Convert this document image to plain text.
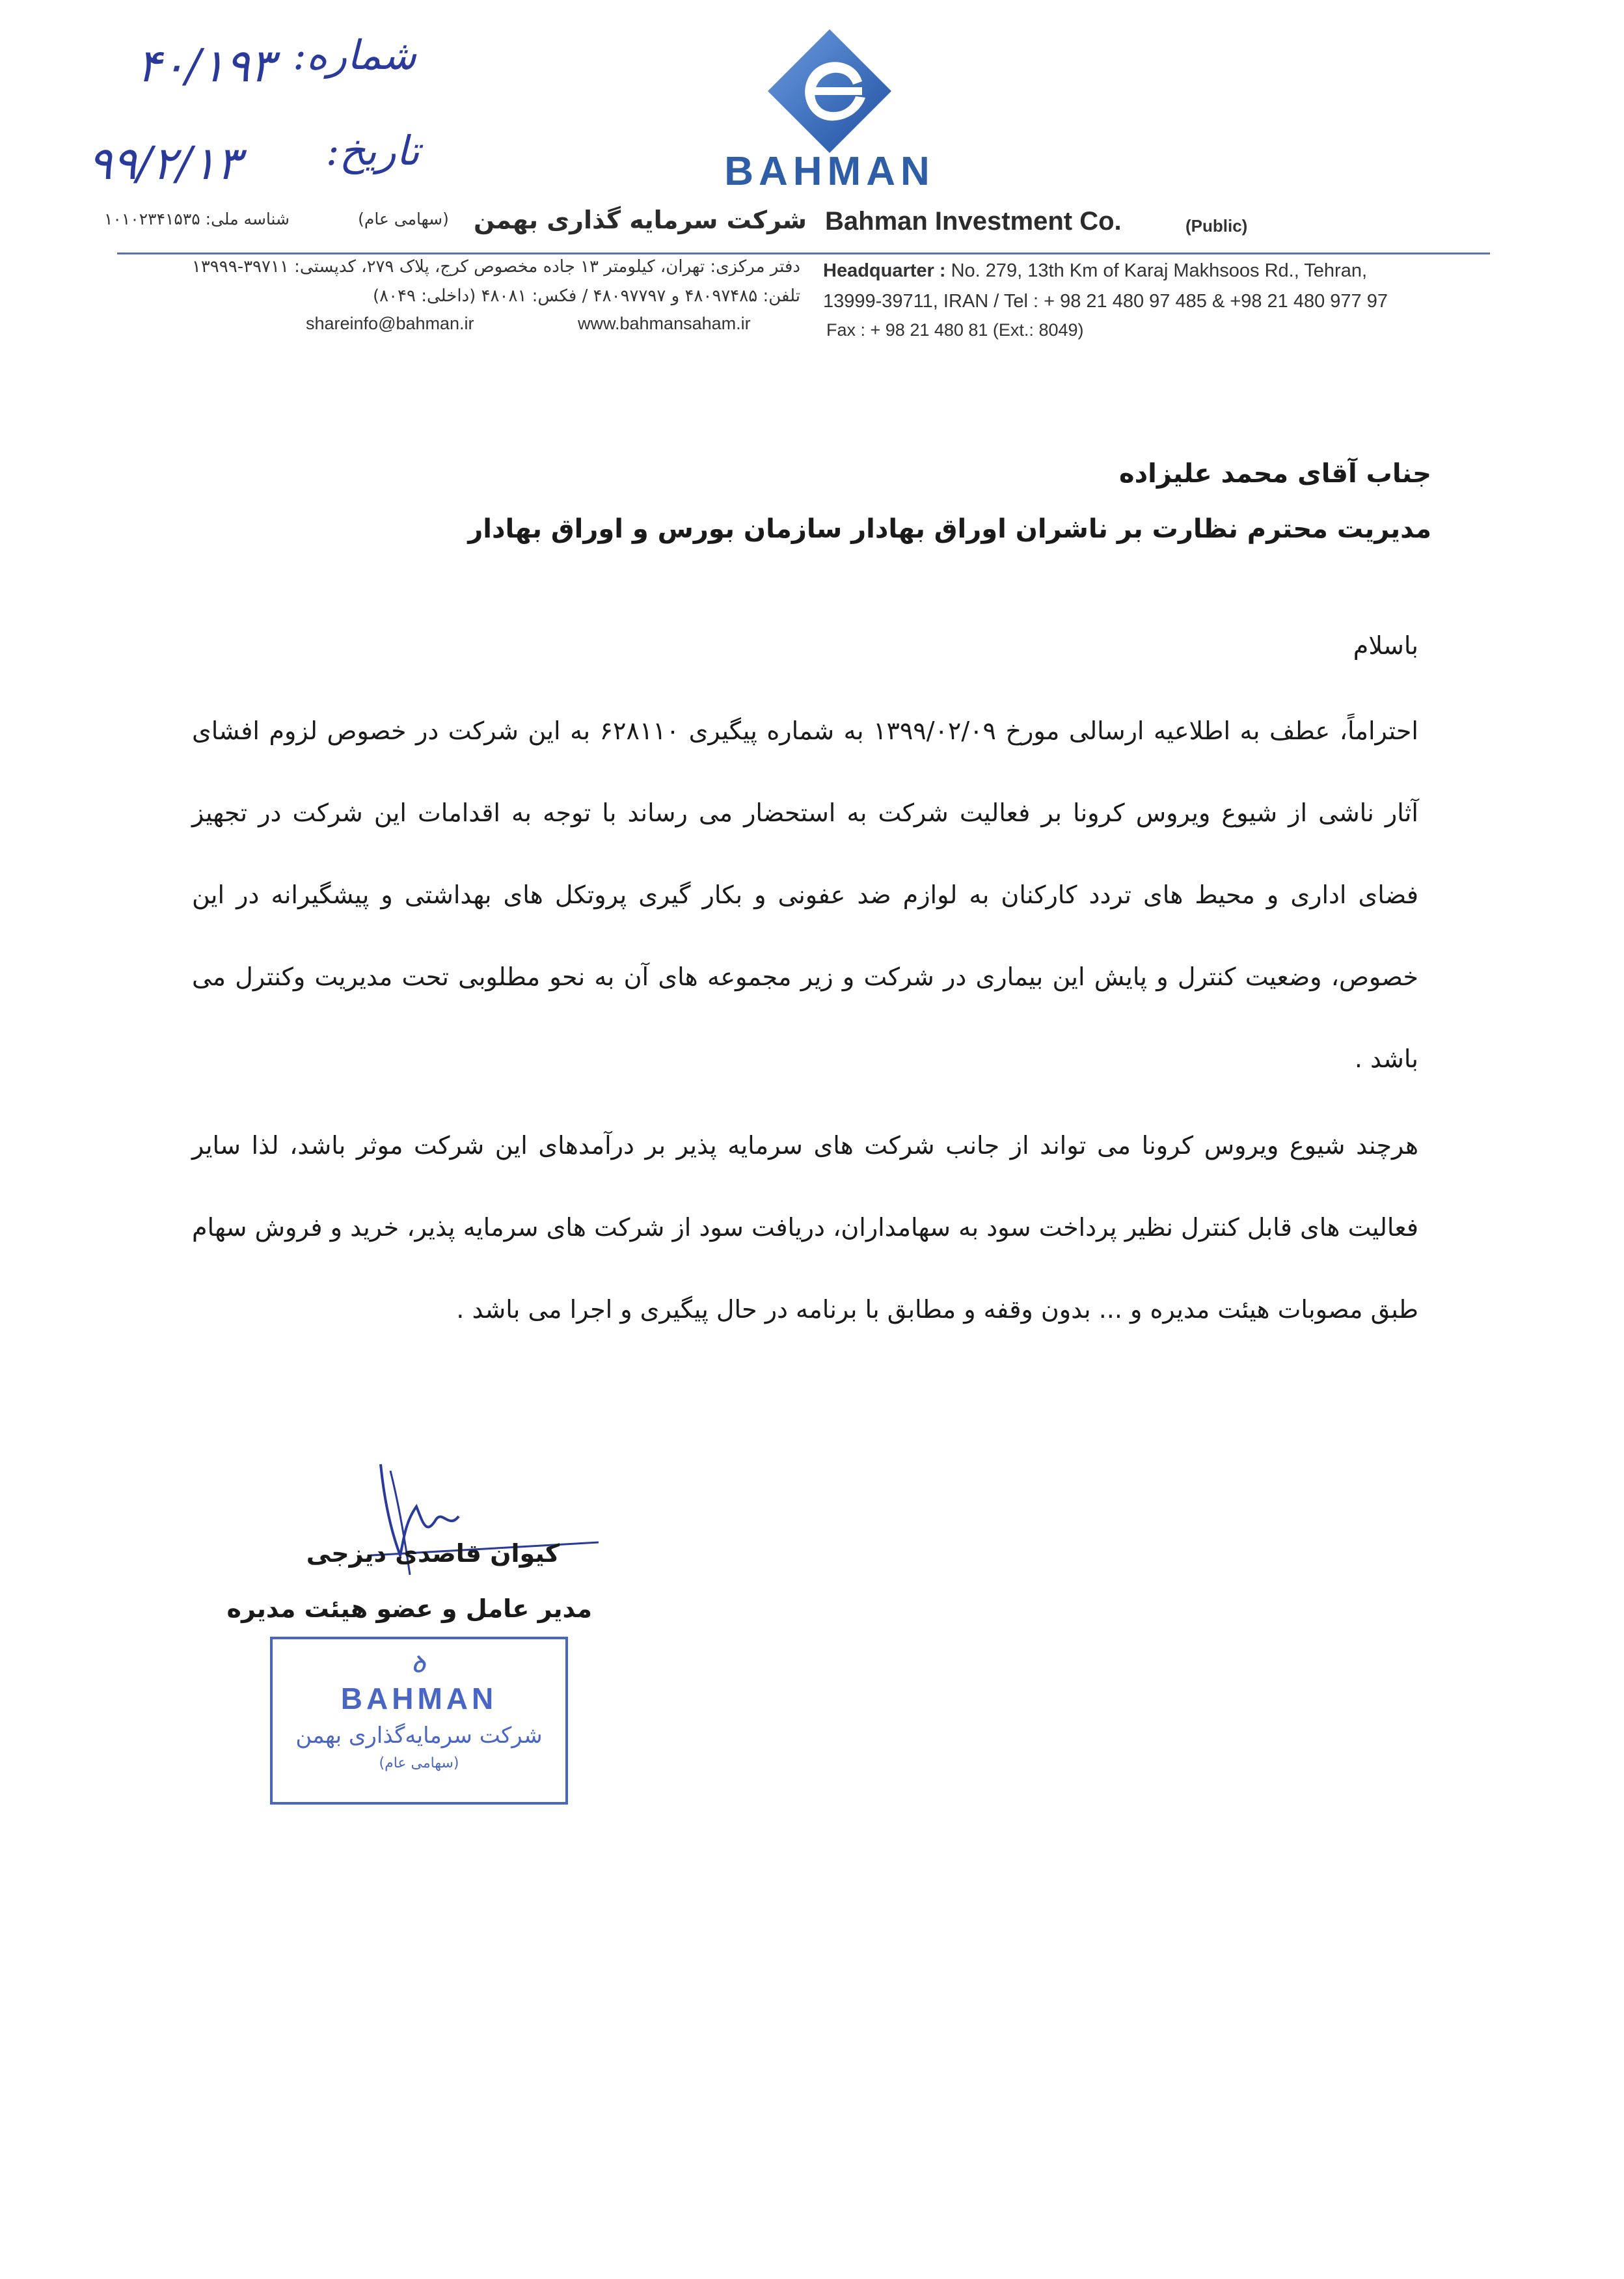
۴۰/۱۹۳ شماره:
۹۹/۲/۱۳	تاریخ:	BAHMAN
شناسه ملی: ۱۰۱۰۲۳۴۱۵۳۵	(سهامی عام) شرکت سرمایه گذاری بهمن Bahman Investment Co.	(Public)
دفتر مرکزی: تهران، کیلومتر ۱۳ جاده مخصوص کرج، پلاک ۲۷۹، کدپستی: ۳۹۷۱۱-۱۳۹۹۹
تلفن: ۴۸۰۹۷۴۸۵ و ۴۸۰۹۷۷۹۷ / فکس: ۴۸۰۸۱ (داخلی: ۸۰۴۹)
shareinfo@bahman.ir	www.bahmansaham.ir
Headquarter : No. 279, 13th Km of Karaj Makhsoos Rd., Tehran,
13999-39711, IRAN / Tel : + 98 21 480 97 485 & +98 21 480 977 97
Fax : + 98 21 480 81 (Ext.: 8049)
جناب آقای محمد علیزاده
مدیریت محترم نظارت بر ناشران اوراق بهادار سازمان بورس و اوراق بهادار
باسلام
احتراماً، عطف به اطلاعیه ارسالی مورخ ۱۳۹۹/۰۲/۰۹ به شماره پیگیری ۶۲۸۱۱۰ به این شرکت در خصوص لزوم افشای آثار ناشی از شیوع ویروس کرونا بر فعالیت شرکت به استحضار می رساند با توجه به اقدامات این شرکت در تجهیز فضای اداری و محیط های تردد کارکنان به لوازم ضد عفونی و بکار گیری پروتکل های بهداشتی و پیشگیرانه در این خصوص، وضعیت کنترل و پایش این بیماری در شرکت و زیر مجموعه های آن به نحو مطلوبی تحت مدیریت وکنترل می باشد .
هرچند شیوع ویروس کرونا می تواند از جانب شرکت های سرمایه پذیر بر درآمدهای این شرکت موثر باشد، لذا سایر فعالیت های قابل کنترل نظیر پرداخت سود به سهامداران، دریافت سود از شرکت های سرمایه پذیر، خرید و فروش سهام طبق مصوبات هیئت مدیره و ... بدون وقفه و مطابق با برنامه در حال پیگیری و اجرا می باشد .
کیوان قاصدی دیزجی
مدیر عامل و عضو هیئت مدیره
ꝺ
BAHMAN
شرکت سرمایه‌گذاری بهمن
(سهامی عام)
